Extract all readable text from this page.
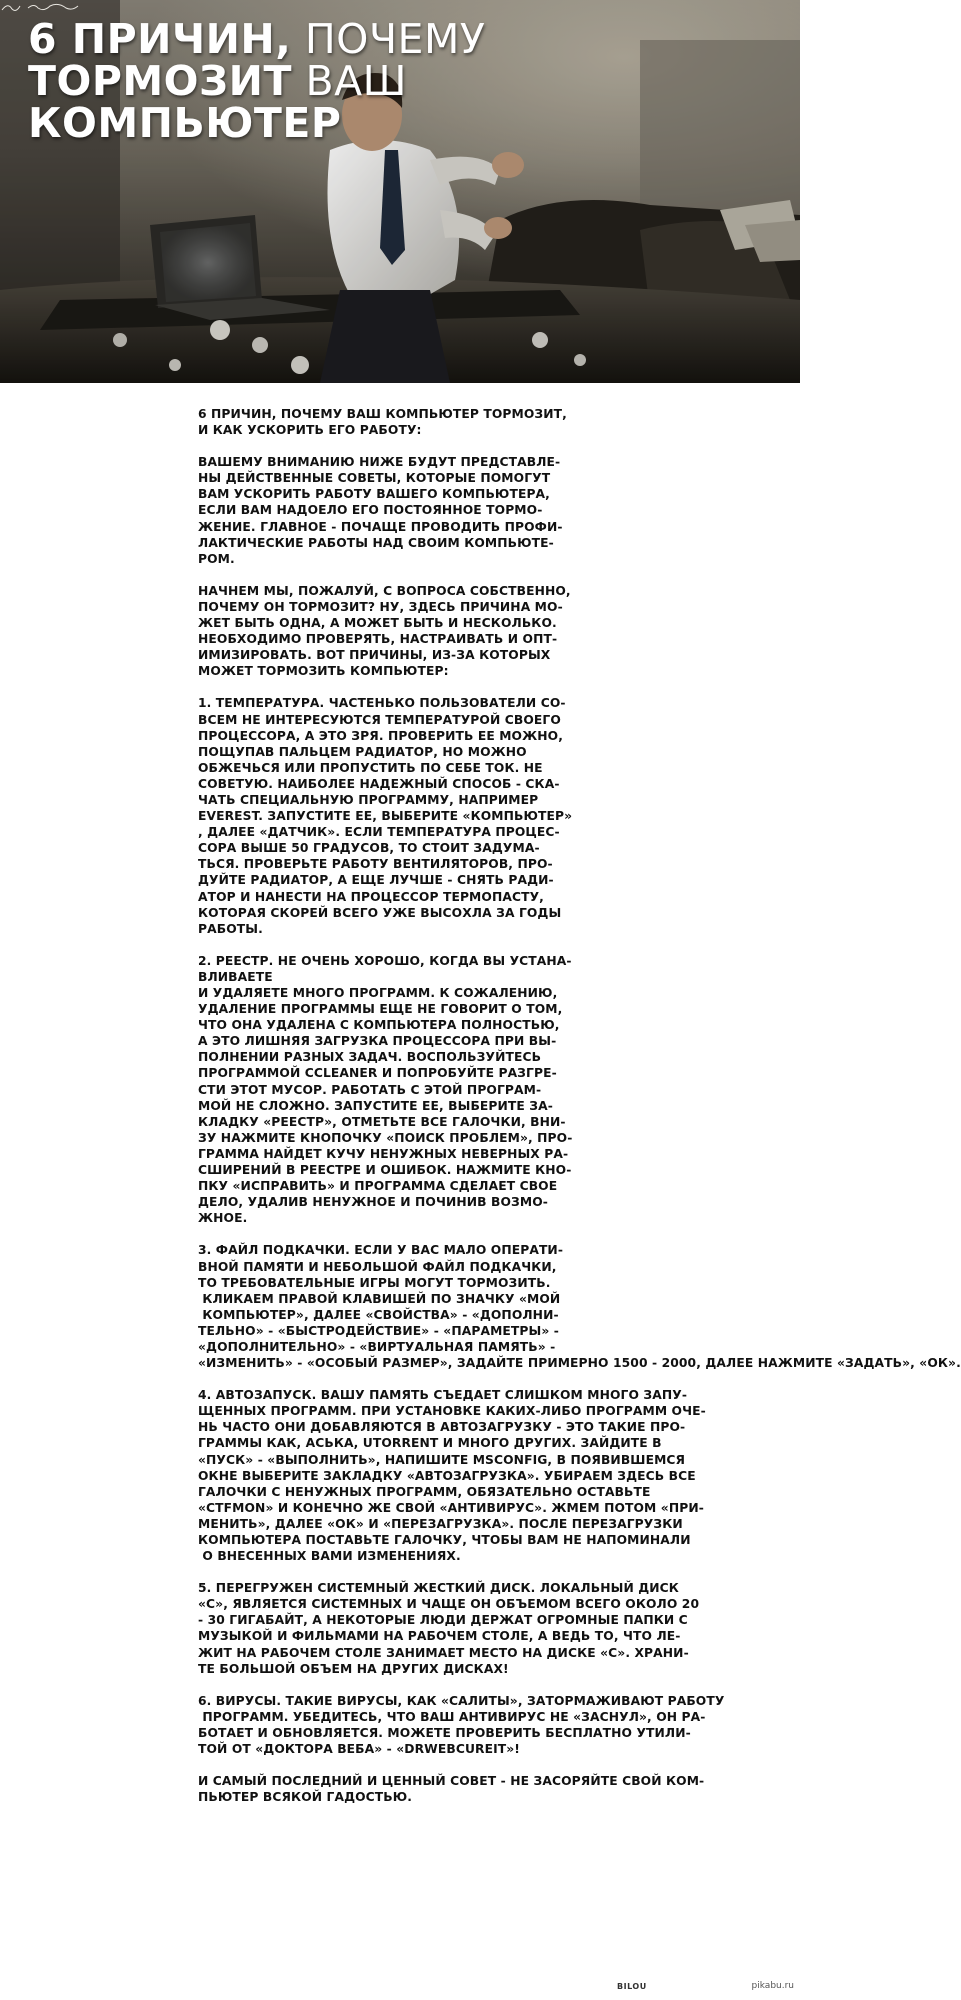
6 ПРИЧИН, ПОЧЕМУ
ТОРМОЗИТ ВАШ
КОМПЬЮТЕР

6 ПРИЧИН, ПОЧЕМУ ВАШ КОМПЬЮТЕР ТОРМОЗИТ,
И КАК УСКОРИТЬ ЕГО РАБОТУ:

ВАШЕМУ ВНИМАНИЮ НИЖЕ БУДУТ ПРЕДСТАВЛЕ-
НЫ ДЕЙСТВЕННЫЕ СОВЕТЫ, КОТОРЫЕ ПОМОГУТ
ВАМ УСКОРИТЬ РАБОТУ ВАШЕГО КОМПЬЮТЕРА,
ЕСЛИ ВАМ НАДОЕЛО ЕГО ПОСТОЯННОЕ ТОРМО-
ЖЕНИЕ. ГЛАВНОЕ - ПОЧАЩЕ ПРОВОДИТЬ ПРОФИ-
ЛАКТИЧЕСКИЕ РАБОТЫ НАД СВОИМ КОМПЬЮТЕ-
РОМ.

НАЧНЕМ МЫ, ПОЖАЛУЙ, С ВОПРОСА СОБСТВЕННО,
ПОЧЕМУ ОН ТОРМОЗИТ? НУ, ЗДЕСЬ ПРИЧИНА МО-
ЖЕТ БЫТЬ ОДНА, А МОЖЕТ БЫТЬ И НЕСКОЛЬКО.
НЕОБХОДИМО ПРОВЕРЯТЬ, НАСТРАИВАТЬ И ОПТ-
ИМИЗИРОВАТЬ. ВОТ ПРИЧИНЫ, ИЗ-ЗА КОТОРЫХ
МОЖЕТ ТОРМОЗИТЬ КОМПЬЮТЕР:

1. ТЕМПЕРАТУРА. ЧАСТЕНЬКО ПОЛЬЗОВАТЕЛИ СО-
ВСЕМ НЕ ИНТЕРЕСУЮТСЯ ТЕМПЕРАТУРОЙ СВОЕГО
ПРОЦЕССОРА, А ЭТО ЗРЯ. ПРОВЕРИТЬ ЕЕ МОЖНО,
ПОЩУПАВ ПАЛЬЦЕМ РАДИАТОР, НО МОЖНО
ОБЖЕЧЬСЯ ИЛИ ПРОПУСТИТЬ ПО СЕБЕ ТОК. НЕ
СОВЕТУЮ. НАИБОЛЕЕ НАДЕЖНЫЙ СПОСОБ - СКА-
ЧАТЬ СПЕЦИАЛЬНУЮ ПРОГРАММУ, НАПРИМЕР
EVEREST. ЗАПУСТИТЕ ЕЕ, ВЫБЕРИТЕ «КОМПЬЮТЕР»
, ДАЛЕЕ «ДАТЧИК». ЕСЛИ ТЕМПЕРАТУРА ПРОЦЕС-
СОРА ВЫШЕ 50 ГРАДУСОВ, ТО СТОИТ ЗАДУМА-
ТЬСЯ. ПРОВЕРЬТЕ РАБОТУ ВЕНТИЛЯТОРОВ, ПРО-
ДУЙТЕ РАДИАТОР, А ЕЩЕ ЛУЧШЕ - СНЯТЬ РАДИ-
АТОР И НАНЕСТИ НА ПРОЦЕССОР ТЕРМОПАСТУ,
КОТОРАЯ СКОРЕЙ ВСЕГО УЖЕ ВЫСОХЛА ЗА ГОДЫ
РАБОТЫ.

2. РЕЕСТР. НЕ ОЧЕНЬ ХОРОШО, КОГДА ВЫ УСТАНА-
ВЛИВАЕТЕ
И УДАЛЯЕТЕ МНОГО ПРОГРАММ. К СОЖАЛЕНИЮ,
УДАЛЕНИЕ ПРОГРАММЫ ЕЩЕ НЕ ГОВОРИТ О ТОМ,
ЧТО ОНА УДАЛЕНА С КОМПЬЮТЕРА ПОЛНОСТЬЮ,
А ЭТО ЛИШНЯЯ ЗАГРУЗКА ПРОЦЕССОРА ПРИ ВЫ-
ПОЛНЕНИИ РАЗНЫХ ЗАДАЧ. ВОСПОЛЬЗУЙТЕСЬ
ПРОГРАММОЙ CCLEANER И ПОПРОБУЙТЕ РАЗГРЕ-
СТИ ЭТОТ МУСОР. РАБОТАТЬ С ЭТОЙ ПРОГРАМ-
МОЙ НЕ СЛОЖНО. ЗАПУСТИТЕ ЕЕ, ВЫБЕРИТЕ ЗА-
КЛАДКУ «РЕЕСТР», ОТМЕТЬТЕ ВСЕ ГАЛОЧКИ, ВНИ-
ЗУ НАЖМИТЕ КНОПОЧКУ «ПОИСК ПРОБЛЕМ», ПРО-
ГРАММА НАЙДЕТ КУЧУ НЕНУЖНЫХ НЕВЕРНЫХ РА-
СШИРЕНИЙ В РЕЕСТРЕ И ОШИБОК. НАЖМИТЕ КНО-
ПКУ «ИСПРАВИТЬ» И ПРОГРАММА СДЕЛАЕТ СВОЕ
ДЕЛО, УДАЛИВ НЕНУЖНОЕ И ПОЧИНИВ ВОЗМО-
ЖНОЕ.

3. ФАЙЛ ПОДКАЧКИ. ЕСЛИ У ВАС МАЛО ОПЕРАТИ-
ВНОЙ ПАМЯТИ И НЕБОЛЬШОЙ ФАЙЛ ПОДКАЧКИ,
ТО ТРЕБОВАТЕЛЬНЫЕ ИГРЫ МОГУТ ТОРМОЗИТЬ.
КЛИКАЕМ ПРАВОЙ КЛАВИШЕЙ ПО ЗНАЧКУ «МОЙ
КОМПЬЮТЕР», ДАЛЕЕ «СВОЙСТВА» - «ДОПОЛНИ-
ТЕЛЬНО» - «БЫСТРОДЕЙСТВИЕ» - «ПАРАМЕТРЫ» -
«ДОПОЛНИТЕЛЬНО» - «ВИРТУАЛЬНАЯ ПАМЯТЬ» -
«ИЗМЕНИТЬ» - «ОСОБЫЙ РАЗМЕР», ЗАДАЙТЕ ПРИМЕРНО 1500 - 2000, ДАЛЕЕ НАЖМИТЕ «ЗАДАТЬ», «ОК».

4. АВТОЗАПУСК. ВАШУ ПАМЯТЬ СЪЕДАЕТ СЛИШКОМ МНОГО ЗАПУ-
ЩЕННЫХ ПРОГРАММ. ПРИ УСТАНОВКЕ КАКИХ-ЛИБО ПРОГРАММ ОЧЕ-
НЬ ЧАСТО ОНИ ДОБАВЛЯЮТСЯ В АВТОЗАГРУЗКУ - ЭТО ТАКИЕ ПРО-
ГРАММЫ КАК, АСЬКА, UTORRENT И МНОГО ДРУГИХ. ЗАЙДИТЕ В
«ПУСК» - «ВЫПОЛНИТЬ», НАПИШИТЕ MSCONFIG, В ПОЯВИВШЕМСЯ
ОКНЕ ВЫБЕРИТЕ ЗАКЛАДКУ «АВТОЗАГРУЗКА». УБИРАЕМ ЗДЕСЬ ВСЕ
ГАЛОЧКИ С НЕНУЖНЫХ ПРОГРАММ, ОБЯЗАТЕЛЬНО ОСТАВЬТЕ
«CTFMON» И КОНЕЧНО ЖЕ СВОЙ «АНТИВИРУС». ЖМЕМ ПОТОМ «ПРИ-
МЕНИТЬ», ДАЛЕЕ «ОК» И «ПЕРЕЗАГРУЗКА». ПОСЛЕ ПЕРЕЗАГРУЗКИ
КОМПЬЮТЕРА ПОСТАВЬТЕ ГАЛОЧКУ, ЧТОБЫ ВАМ НЕ НАПОМИНАЛИ
О ВНЕСЕННЫХ ВАМИ ИЗМЕНЕНИЯХ.

5. ПЕРЕГРУЖЕН СИСТЕМНЫЙ ЖЕСТКИЙ ДИСК. ЛОКАЛЬНЫЙ ДИСК
«C», ЯВЛЯЕТСЯ СИСТЕМНЫХ И ЧАЩЕ ОН ОБЪЕМОМ ВСЕГО ОКОЛО 20
- 30 ГИГАБАЙТ, А НЕКОТОРЫЕ ЛЮДИ ДЕРЖАТ ОГРОМНЫЕ ПАПКИ С
МУЗЫКОЙ И ФИЛЬМАМИ НА РАБОЧЕМ СТОЛЕ, А ВЕДЬ ТО, ЧТО ЛЕ-
ЖИТ НА РАБОЧЕМ СТОЛЕ ЗАНИМАЕТ МЕСТО НА ДИСКЕ «С». ХРАНИ-
ТЕ БОЛЬШОЙ ОБЪЕМ НА ДРУГИХ ДИСКАХ!

6. ВИРУСЫ. ТАКИЕ ВИРУСЫ, КАК «САЛИТЫ», ЗАТОРМАЖИВАЮТ РАБОТУ
ПРОГРАММ. УБЕДИТЕСЬ, ЧТО ВАШ АНТИВИРУС НЕ «ЗАСНУЛ», ОН РА-
БОТАЕТ И ОБНОВЛЯЕТСЯ. МОЖЕТЕ ПРОВЕРИТЬ БЕСПЛАТНО УТИЛИ-
ТОЙ ОТ «ДОКТОРА ВЕБА» - «DRWEBCUREIT»!

И САМЫЙ ПОСЛЕДНИЙ И ЦЕННЫЙ СОВЕТ - НЕ ЗАСОРЯЙТЕ СВОЙ КОМ-
ПЬЮТЕР ВСЯКОЙ ГАДОСТЬЮ.

BILOU	pikabu.ru
